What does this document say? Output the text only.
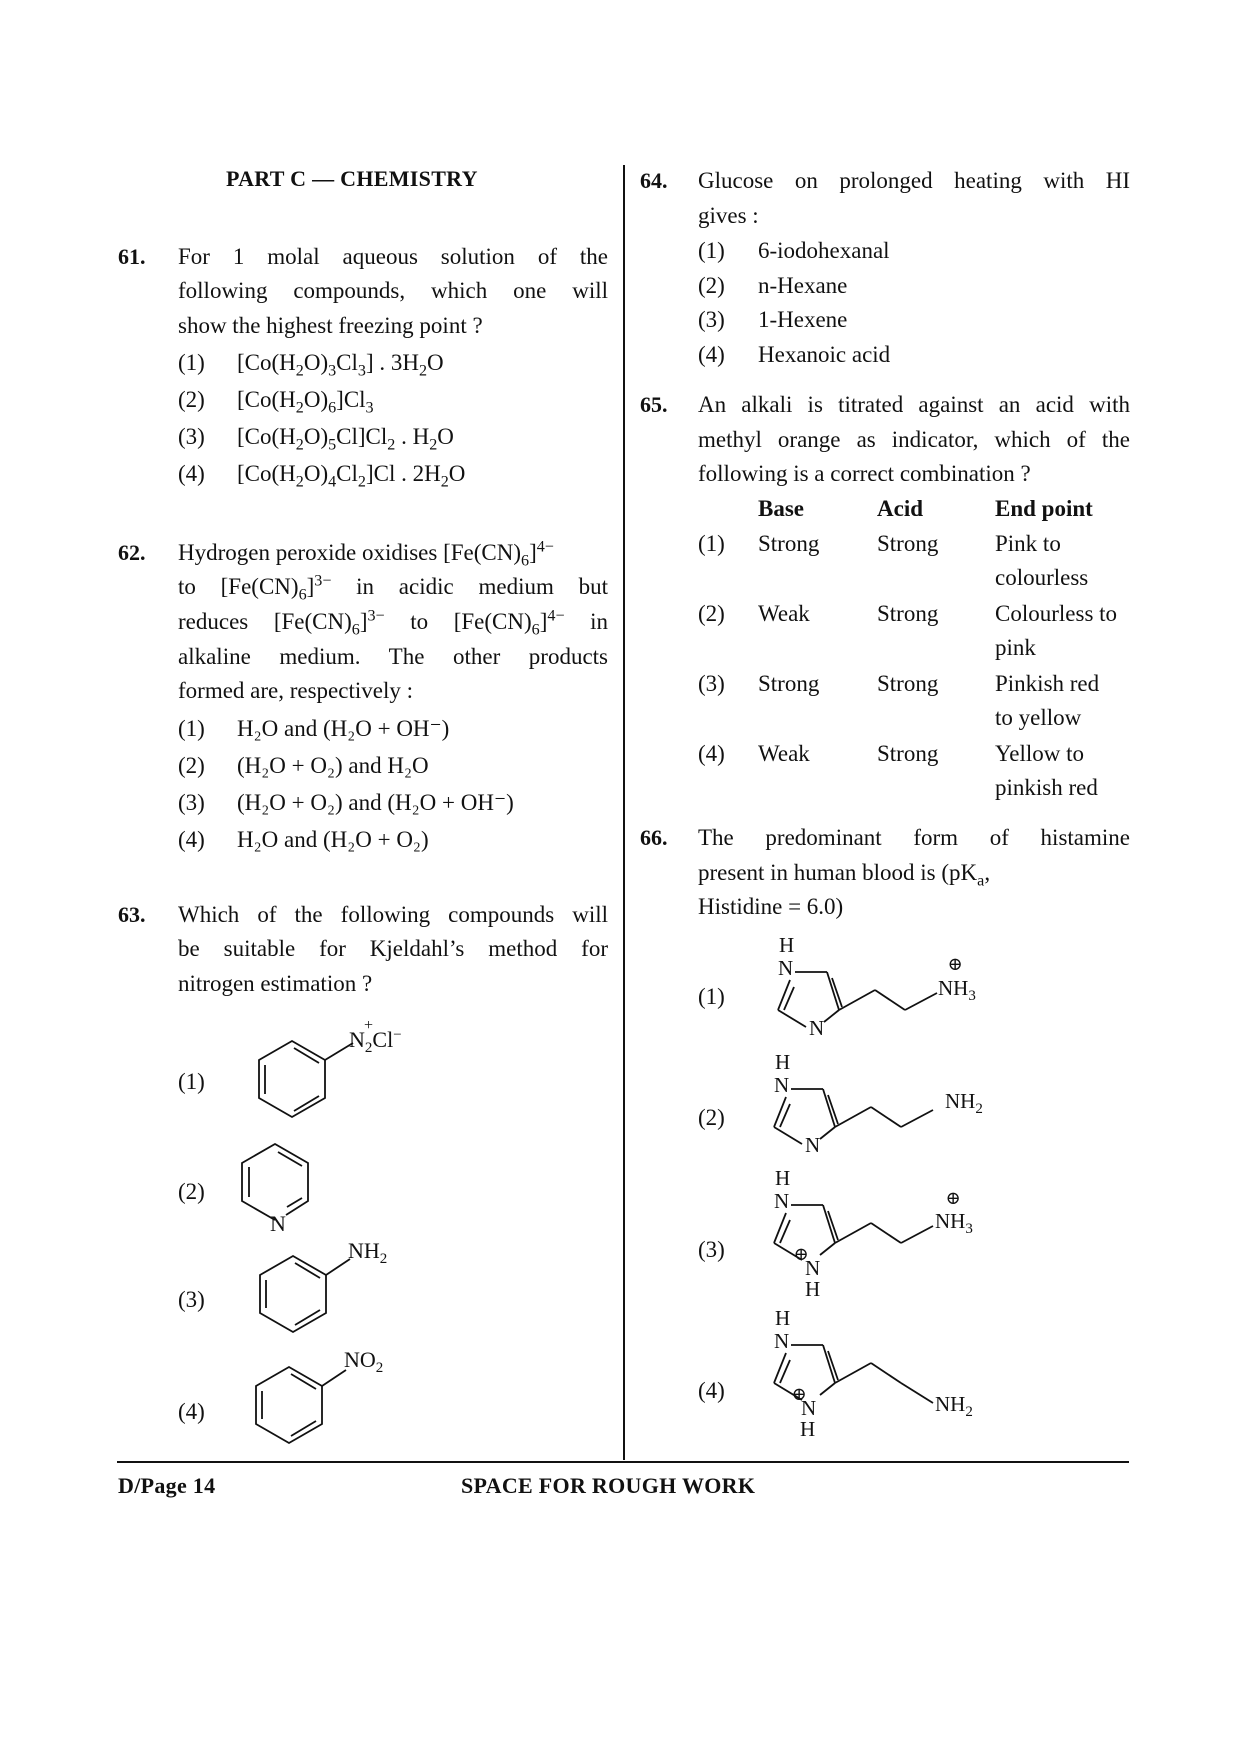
PART C — CHEMISTRY
61. For 1 molal aqueous solution of the
following compounds, which one will
show the highest freezing point ?
(1) $[Co(H_2O)_3Cl_3]$ . $3H_2O$
(2) $[Co(H_2O)_6]Cl_3$
(3) $[Co(H_2O)_5Cl]Cl_2$ . $H_2O$
(4) $[Co(H_2O)_4Cl_2]Cl$ . $2H_2O$
62. Hydrogen peroxide oxidises $[Fe(CN)_6]^{4-}$
to $[Fe(CN)_6]^{3-}$ in acidic medium but
reduces $[Fe(CN)_6]^{3-}$ to $[Fe(CN)_6]^{4-}$ in
alkaline medium. The other products
formed are, respectively :
(1) H₂O and (H₂O + OH⁻)
(2) (H₂O + O₂) and H₂O
(3) (H₂O + O₂) and (H₂O + OH⁻)
(4) H₂O and (H₂O + O₂)
63. Which of the following compounds will
be suitable for Kjeldahl’s method for
nitrogen estimation ?
(1)
(2)
(3)
(4)
$N_2Cl^-$
+
N
$NH_2$
$NO_2$
64. Glucose on prolonged heating with HI
gives :
(1) 6-iodohexanal
(2) n-Hexane
(3) 1-Hexene
(4) Hexanoic acid
65. An alkali is titrated against an acid with
methyl orange as indicator, which of the
following is a correct combination ?
Base	Acid	End point
(1) Strong	Strong Pink to
colourless
(2) Weak	Strong Colourless to
pink
(3) Strong	Strong Pinkish red
to yellow
(4) Weak	Strong Yellow to
pinkish red
66. The predominant form of histamine
present in human blood is ($pK_a$,
Histidine = 6.0)
(1)
(2)
(3)
(4)
H
N
N
⊕
$NH_3$
H
N
N
$NH_2$
H
N
⊕
N
H
⊕
$NH_3$
H
N
⊕
N
H
$NH_2$
D/Page 14	SPACE FOR ROUGH WORK
